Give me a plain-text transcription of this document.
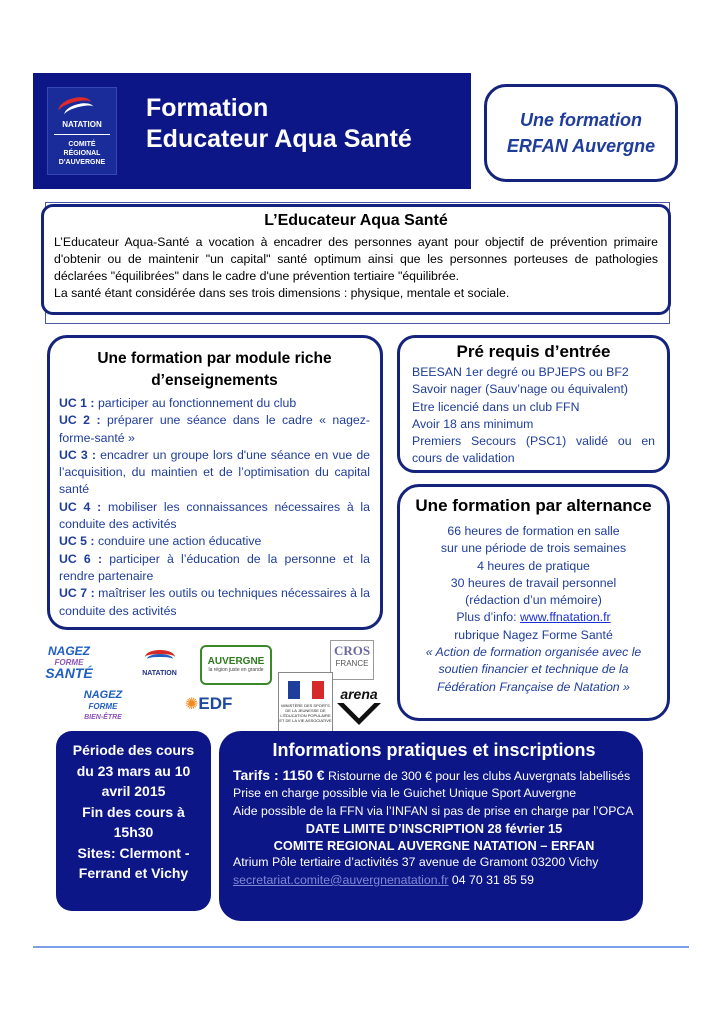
NATATION
COMITÉ
RÉGIONAL
D'AUVERGNE
Formation
Educateur Aqua Santé
Une formation
ERFAN Auvergne
L’Educateur Aqua Santé

L’Educateur Aqua-Santé a vocation à encadrer des personnes ayant pour objectif de prévention primaire d'obtenir ou de maintenir "un capital" santé optimum ainsi que les personnes porteuses de pathologies déclarées "équilibrées" dans le cadre d'une prévention tertiaire "équilibrée.
La santé étant considérée dans ses trois dimensions : physique, mentale et sociale.

Une formation par module riche d’enseignements
UC 1 : participer au fonctionnement du club
UC 2 : préparer une séance dans le cadre « nagez-forme-santé »
UC 3 : encadrer un groupe lors d'une séance en vue de l’acquisition, du maintien et de l’optimisation du capital santé
UC 4 : mobiliser les connaissances nécessaires à la conduite des activités
UC 5 : conduire une action éducative
UC 6 : participer à l’éducation de la personne et la rendre partenaire
UC 7 : maîtriser les outils ou techniques nécessaires à la conduite des activités
Pré requis d’entrée
BEESAN 1er degré ou BPJEPS ou BF2
Savoir nager (Sauv’nage ou équivalent)
Etre licencié dans un club FFN
Avoir 18 ans minimum
Premiers Secours (PSC1) validé ou en cours de validation
Une formation par alternance
66 heures de formation en salle
sur une période de trois semaines
4 heures de pratique
30 heures de travail personnel
(rédaction d’un mémoire)
Plus d’info: www.ffnatation.fr
rubrique Nagez Forme Santé
« Action de formation organisée avec le soutien financier et technique de la Fédération Française de Natation »
NAGEZ
FORME
SANTÉ	NATATION
AUVERGNE
la région juste en grande
CROS
FRANCE
NAGEZ
FORME
BIEN-ÊTRE
✺EDF	MINISTÈRE DES SPORTS DE LA JEUNESSE DE L'ÉDUCATION POPULAIRE ET DE LA VIE ASSOCIATIVE
arena
Période des cours
du 23 mars au 10
avril 2015
Fin des cours à
15h30
Sites: Clermont -
Ferrand et Vichy
Informations pratiques et inscriptions
Tarifs : 1150 € Ristourne de 300 € pour les clubs Auvergnats labellisés
Prise en charge possible via le Guichet Unique Sport Auvergne
Aide possible de la FFN via l’INFAN si pas de prise en charge par l’OPCA
DATE LIMITE D’INSCRIPTION 28 février 15
COMITE REGIONAL AUVERGNE NATATION – ERFAN
Atrium Pôle tertiaire d’activités 37 avenue de Gramont 03200 Vichy
secretariat.comite@auvergnenatation.fr 04 70 31 85 59
